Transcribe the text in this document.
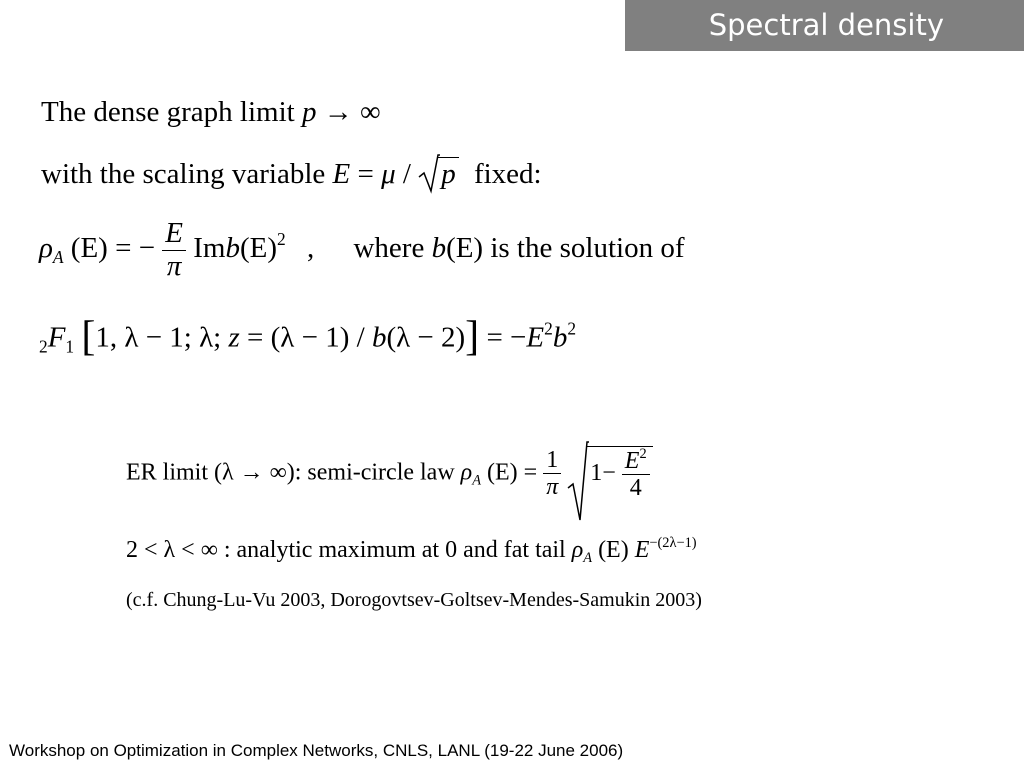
Spectral density
The dense graph limit p → ∞
with the scaling variable E = μ / p fixed:
$\rho_A$ (E) = − $\frac{E}{\pi} Imb(E)^2$ , where b(E) is the solution of
$_2F_1$ [1, λ − 1; λ; $z = (\lambda - 1) / b(\lambda - 2)] = -E^2b^2$
ER limit (λ → ∞): semi-circle law $\rho_A$ $(E) = \frac{1}{\pi}$
$1- \frac{E^2}{4}$
2 < λ < ∞ : analytic maximum at 0 and fat tail $\rho_A$ (E) $E^{-(2\lambda-1)}$
(c.f. Chung-Lu-Vu 2003, Dorogovtsev-Goltsev-Mendes-Samukin 2003)
Workshop on Optimization in Complex Networks, CNLS, LANL (19-22 June 2006)
